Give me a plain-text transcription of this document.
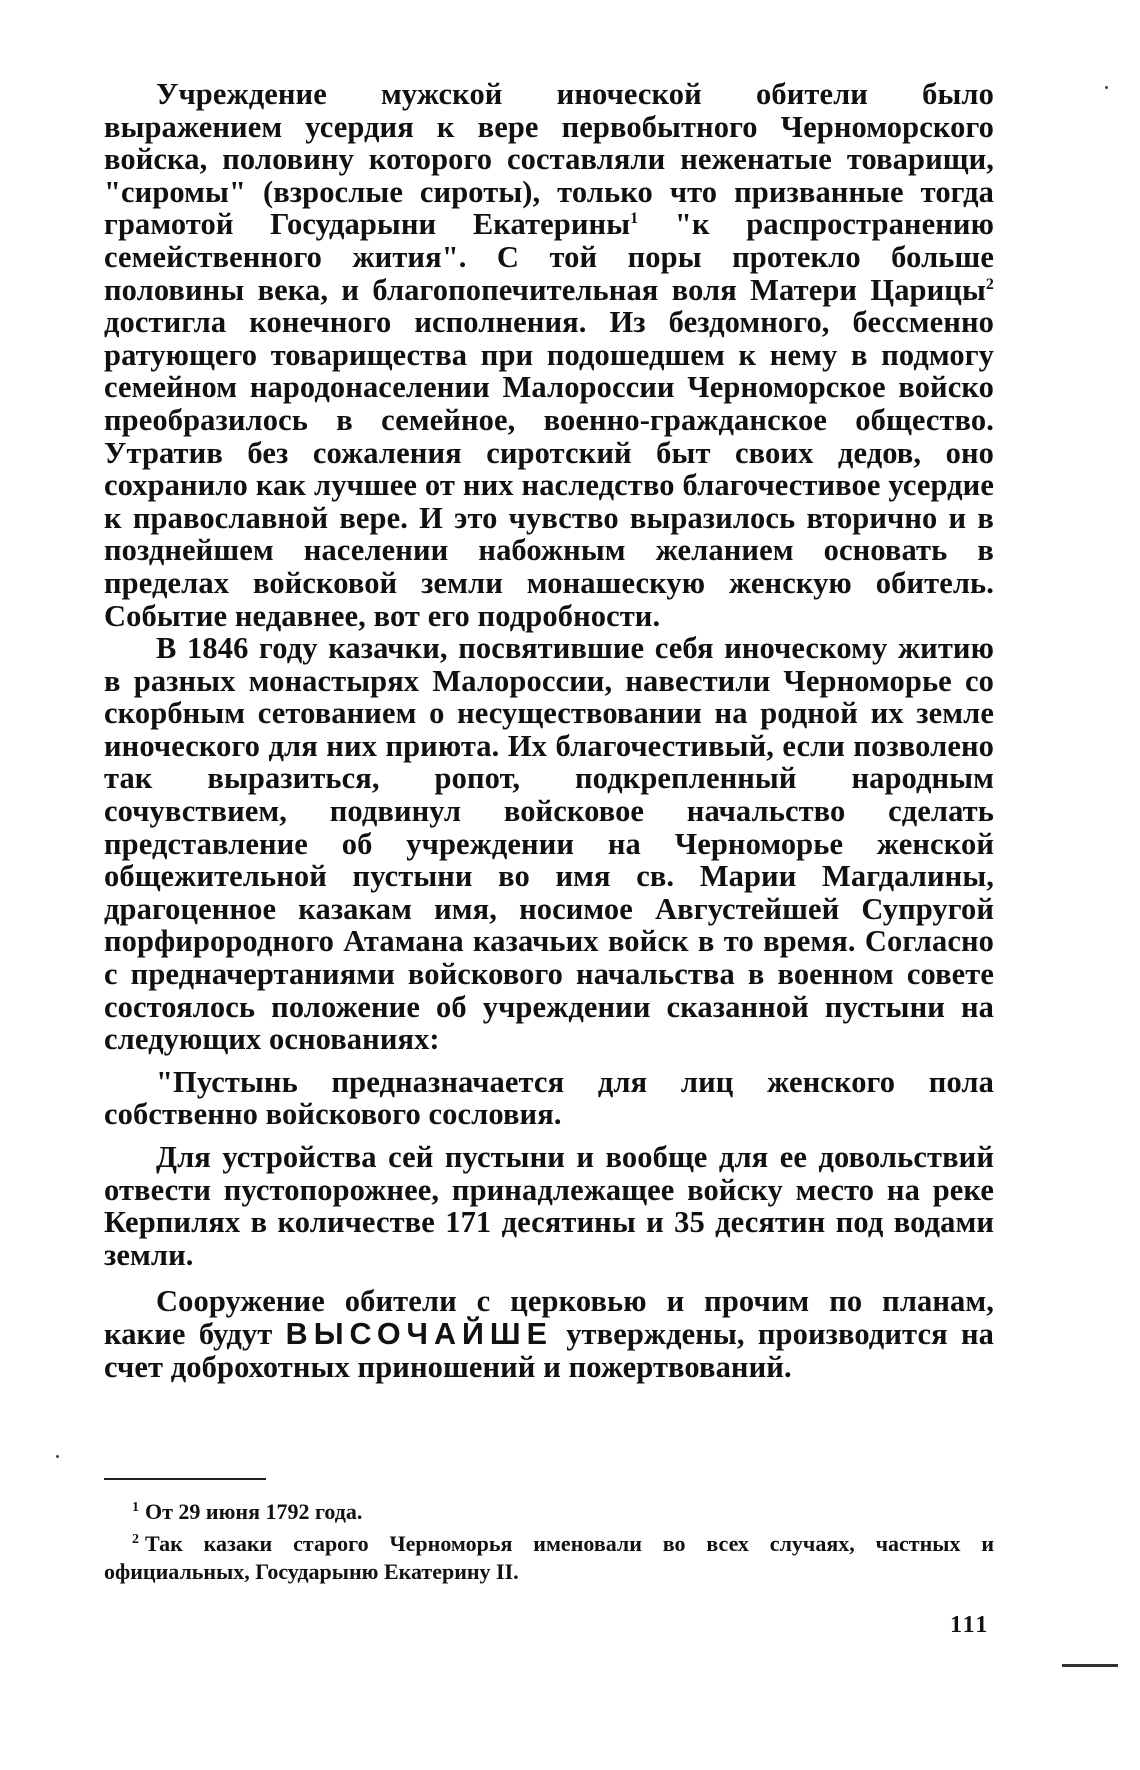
Учреждение мужской иноческой обители было выражением усердия к вере первобытного Черноморского войска, половину которого составляли неженатые товарищи, "сиромы" (взрослые сироты), только что призванные тогда грамотой Государыни Екатерины$^1$ "к распространению семейственного жития". С той поры протекло больше половины века, и благопопечительная воля Матери Царицы$^2$ достигла конечного исполнения. Из бездомного, бессменно ратующего товарищества при подошедшем к нему в подмогу семейном народонаселении Малороссии Черноморское войско преобразилось в семейное, военно-гражданское общество. Утратив без сожаления сиротский быт своих дедов, оно сохранило как лучшее от них наследство благочестивое усердие к православной вере. И это чувство выразилось вторично и в позднейшем населении набожным желанием основать в пределах войсковой земли монашескую женскую обитель. Событие недавнее, вот его подробности.

В 1846 году казачки, посвятившие себя иноческому житию в разных монастырях Малороссии, навестили Черноморье со скорбным сетованием о несуществовании на родной их земле иноческого для них приюта. Их благочестивый, если позволено так выразиться, ропот, подкрепленный народным сочувствием, подвинул войсковое начальство сделать представление об учреждении на Черноморье женской общежительной пустыни во имя св. Марии Магдалины, драгоценное казакам имя, носимое Августейшей Супругой порфирородного Атамана казачьих войск в то время. Согласно с предначертаниями войскового начальства в военном совете состоялось положение об учреждении сказанной пустыни на следующих основаниях:

"Пустынь предназначается для лиц женского пола собственно войскового сословия.

Для устройства сей пустыни и вообще для ее довольствий отвести пустопорожнее, принадлежащее войску место на реке Керпилях в количестве 171 десятины и 35 десятин под водами земли.

Сооружение обители с церковью и прочим по планам, какие будут ВЫСОЧАЙШЕ утверждены, производится на счет доброхотных приношений и пожертвований.

$^1$ От 29 июня 1792 года.

$^2$ Так казаки старого Черноморья именовали во всех случаях, частных и официальных, Государыню Екатерину II.

111
